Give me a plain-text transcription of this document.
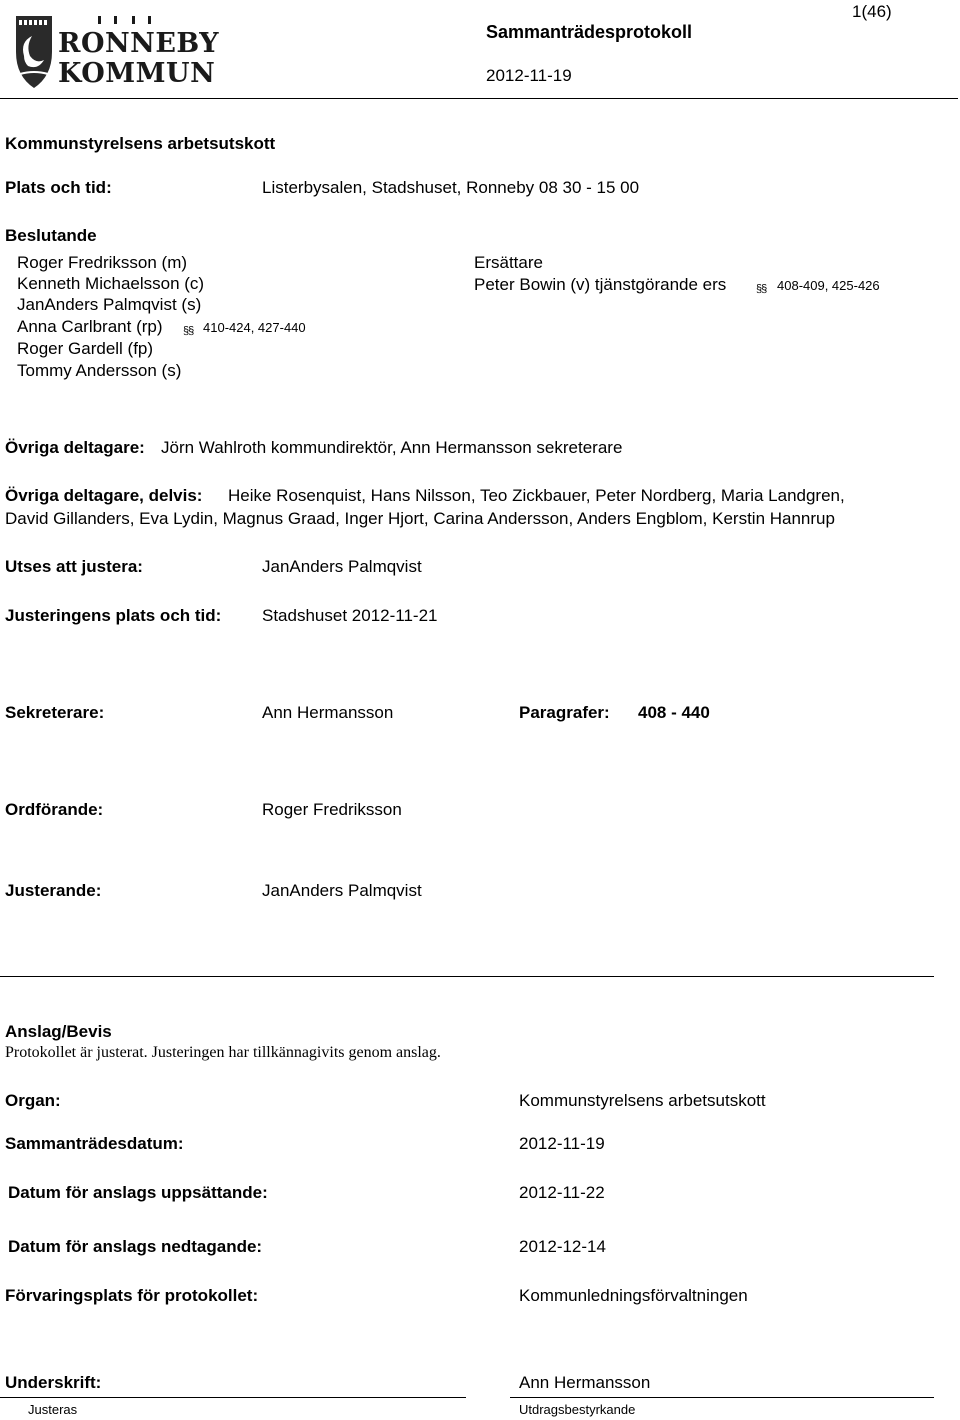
RONNEBY
KOMMUN
Sammanträdesprotokoll
2012-11-19
1(46)
Kommunstyrelsens arbetsutskott
Plats och tid:	Listerbysalen, Stadshuset, Ronneby 08 30 - 15 00
Beslutande
Roger Fredriksson (m)
Kenneth Michaelsson (c)
JanAnders Palmqvist (s)
Anna Carlbrant (rp) §§ 410-424, 427-440
Roger Gardell (fp)
Tommy Andersson (s)
Ersättare
Peter Bowin (v) tjänstgörande ers	§§ 408-409, 425-426
Övriga deltagare: Jörn Wahlroth kommundirektör, Ann Hermansson sekreterare
Övriga deltagare, delvis: Heike Rosenquist, Hans Nilsson, Teo Zickbauer, Peter Nordberg, Maria Landgren,
David Gillanders, Eva Lydin, Magnus Graad, Inger Hjort, Carina Andersson, Anders Engblom, Kerstin Hannrup
Utses att justera:	JanAnders Palmqvist
Justeringens plats och tid: Stadshuset 2012-11-21
Sekreterare:	Ann Hermansson	Paragrafer: 408 - 440
Ordförande:	Roger Fredriksson
Justerande:	JanAnders Palmqvist
Anslag/Bevis
Protokollet är justerat. Justeringen har tillkännagivits genom anslag.
Organ:	Kommunstyrelsens arbetsutskott
Sammanträdesdatum:	2012-11-19
Datum för anslags uppsättande:	2012-11-22
Datum för anslags nedtagande:	2012-12-14
Förvaringsplats för protokollet:	Kommunledningsförvaltningen
Underskrift:	Ann Hermansson
Justeras	Utdragsbestyrkande
